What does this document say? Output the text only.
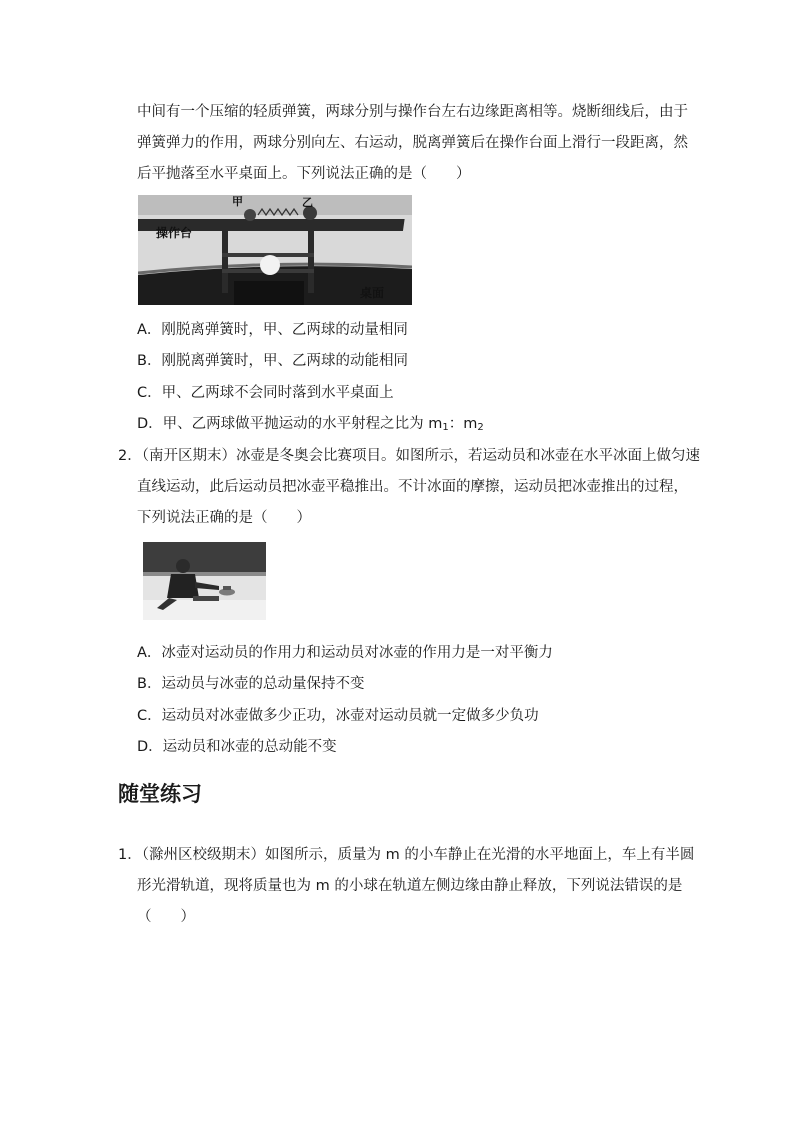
中间有一个压缩的轻质弹簧，两球分别与操作台左右边缘距离相等。烧断细线后，由于
弹簧弹力的作用，两球分别向左、右运动，脱离弹簧后在操作台面上滑行一段距离，然
后平抛落至水平桌面上。下列说法正确的是（　　）
甲	乙
操作台
桌面
A．刚脱离弹簧时，甲、乙两球的动量相同
B．刚脱离弹簧时，甲、乙两球的动能相同
C．甲、乙两球不会同时落到水平桌面上
D．甲、乙两球做平抛运动的水平射程之比为 $m_1$：$m_2$
2．（南开区期末）冰壶是冬奥会比赛项目。如图所示，若运动员和冰壶在水平冰面上做匀速
直线运动，此后运动员把冰壶平稳推出。不计冰面的摩擦，运动员把冰壶推出的过程，
下列说法正确的是（　　）
A．冰壶对运动员的作用力和运动员对冰壶的作用力是一对平衡力
B．运动员与冰壶的总动量保持不变
C．运动员对冰壶做多少正功，冰壶对运动员就一定做多少负功
D．运动员和冰壶的总动能不变
随堂练习
1．（滁州区校级期末）如图所示，质量为 m 的小车静止在光滑的水平地面上，车上有半圆
形光滑轨道，现将质量也为 m 的小球在轨道左侧边缘由静止释放，下列说法错误的是
（　　）
